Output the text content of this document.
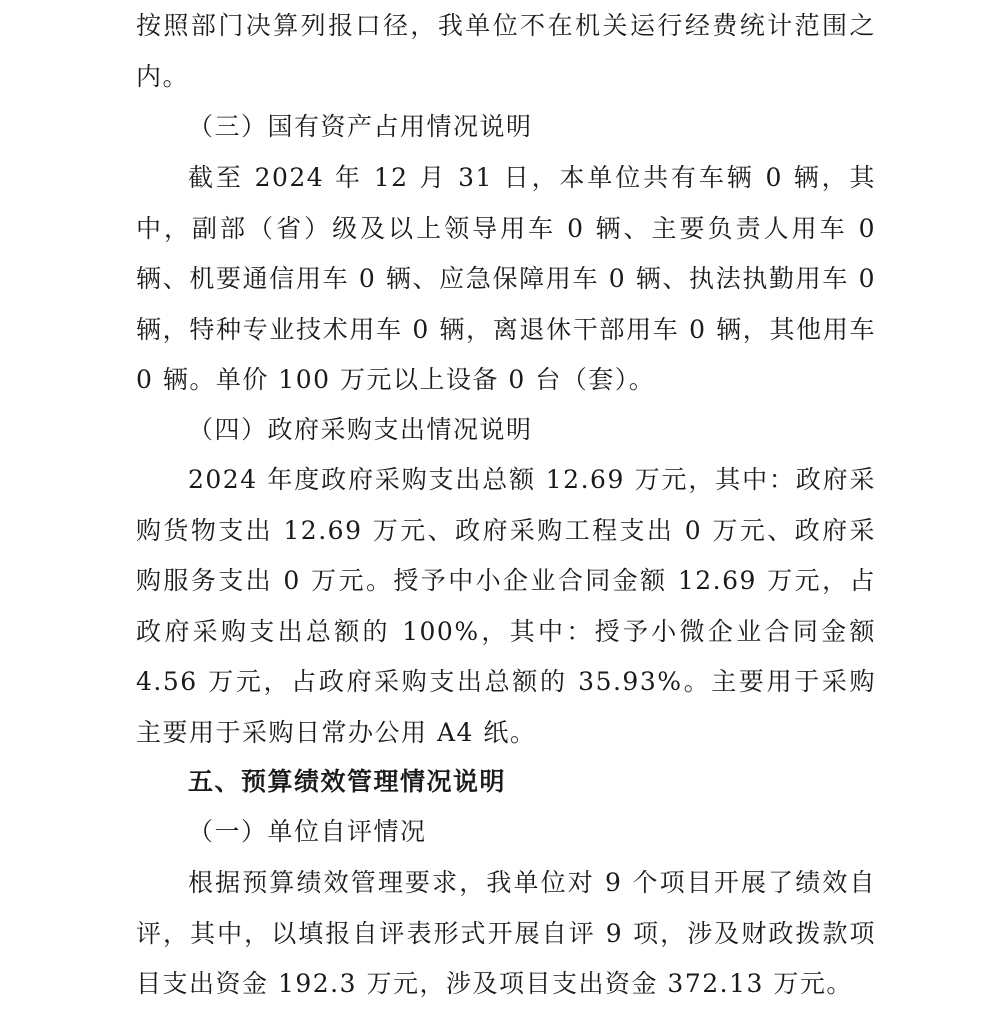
按照部门决算列报口径，我单位不在机关运行经费统计范围之内。

（三）国有资产占用情况说明

截至 2024 年 12 月 31 日，本单位共有车辆 0 辆，其中，副部（省）级及以上领导用车 0 辆、主要负责人用车 0 辆、机要通信用车 0 辆、应急保障用车 0 辆、执法执勤用车 0 辆，特种专业技术用车 0 辆，离退休干部用车 0 辆，其他用车 0 辆。单价 100 万元以上设备 0 台（套）。

（四）政府采购支出情况说明

2024 年度政府采购支出总额 12.69 万元，其中：政府采购货物支出 12.69 万元、政府采购工程支出 0 万元、政府采购服务支出 0 万元。授予中小企业合同金额 12.69 万元，占政府采购支出总额的 100%，其中：授予小微企业合同金额 4.56 万元，占政府采购支出总额的 35.93%。主要用于采购主要用于采购日常办公用 A4 纸。

五、预算绩效管理情况说明

（一）单位自评情况

根据预算绩效管理要求，我单位对 9 个项目开展了绩效自评，其中，以填报自评表形式开展自评 9 项，涉及财政拨款项目支出资金 192.3 万元，涉及项目支出资金 372.13 万元。
